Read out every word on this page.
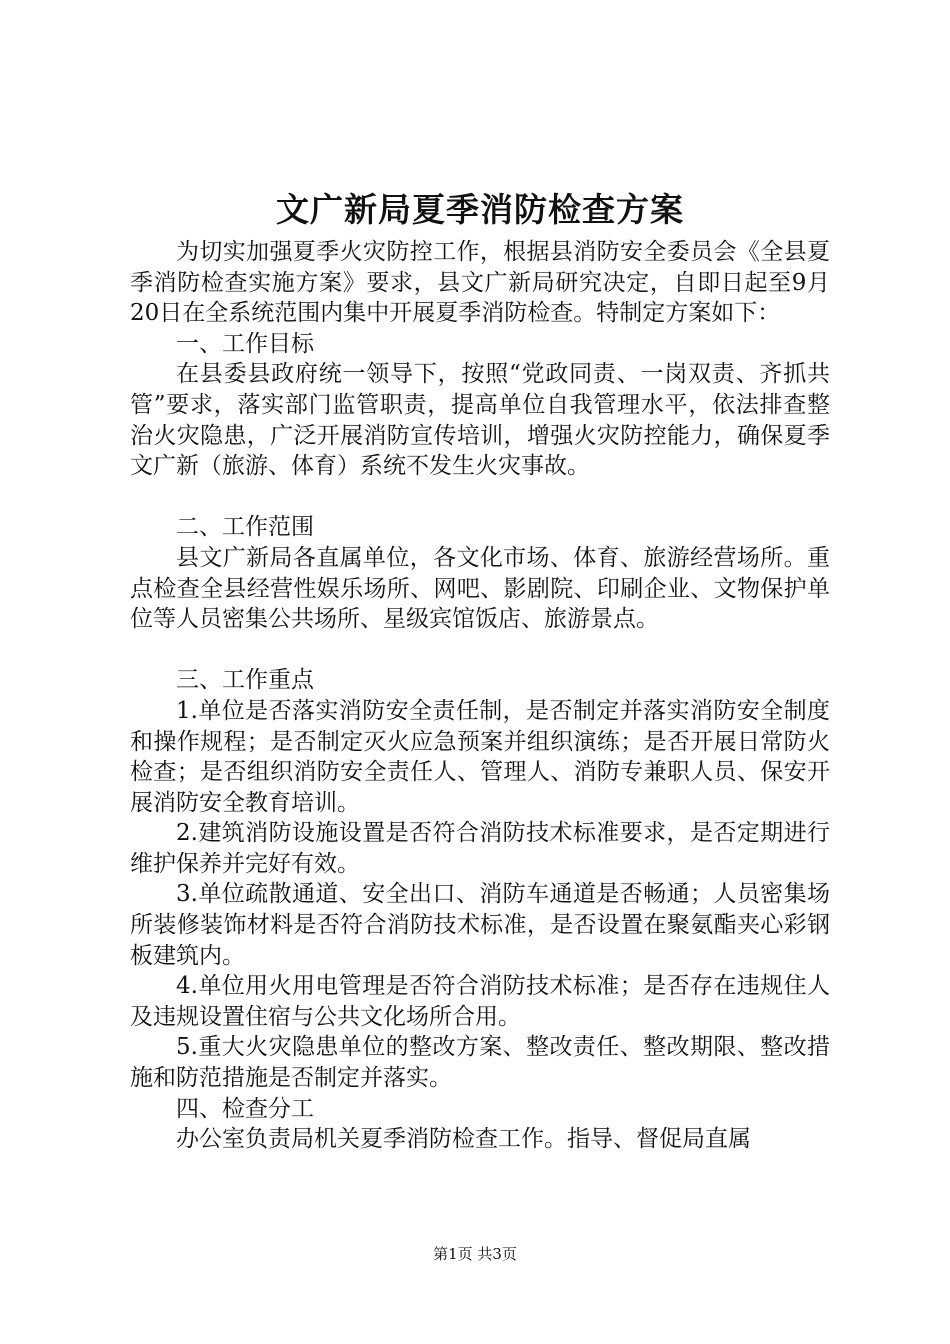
文广新局夏季消防检查方案

为切实加强夏季火灾防控工作，根据县消防安全委员会《全县夏季消防检查实施方案》要求，县文广新局研究决定，自即日起至9月20日在全系统范围内集中开展夏季消防检查。特制定方案如下：

一、工作目标

在县委县政府统一领导下，按照“党政同责、一岗双责、齐抓共管”要求，落实部门监管职责，提高单位自我管理水平，依法排查整治火灾隐患，广泛开展消防宣传培训，增强火灾防控能力，确保夏季文广新（旅游、体育）系统不发生火灾事故。

二、工作范围

县文广新局各直属单位，各文化市场、体育、旅游经营场所。重点检查全县经营性娱乐场所、网吧、影剧院、印刷企业、文物保护单位等人员密集公共场所、星级宾馆饭店、旅游景点。

三、工作重点

1.单位是否落实消防安全责任制，是否制定并落实消防安全制度和操作规程；是否制定灭火应急预案并组织演练；是否开展日常防火检查；是否组织消防安全责任人、管理人、消防专兼职人员、保安开展消防安全教育培训。

2.建筑消防设施设置是否符合消防技术标准要求，是否定期进行维护保养并完好有效。

3.单位疏散通道、安全出口、消防车通道是否畅通；人员密集场所装修装饰材料是否符合消防技术标准，是否设置在聚氨酯夹心彩钢板建筑内。

4.单位用火用电管理是否符合消防技术标准；是否存在违规住人及违规设置住宿与公共文化场所合用。

5.重大火灾隐患单位的整改方案、整改责任、整改期限、整改措施和防范措施是否制定并落实。

四、检查分工

办公室负责局机关夏季消防检查工作。指导、督促局直属

第1页 共3页
